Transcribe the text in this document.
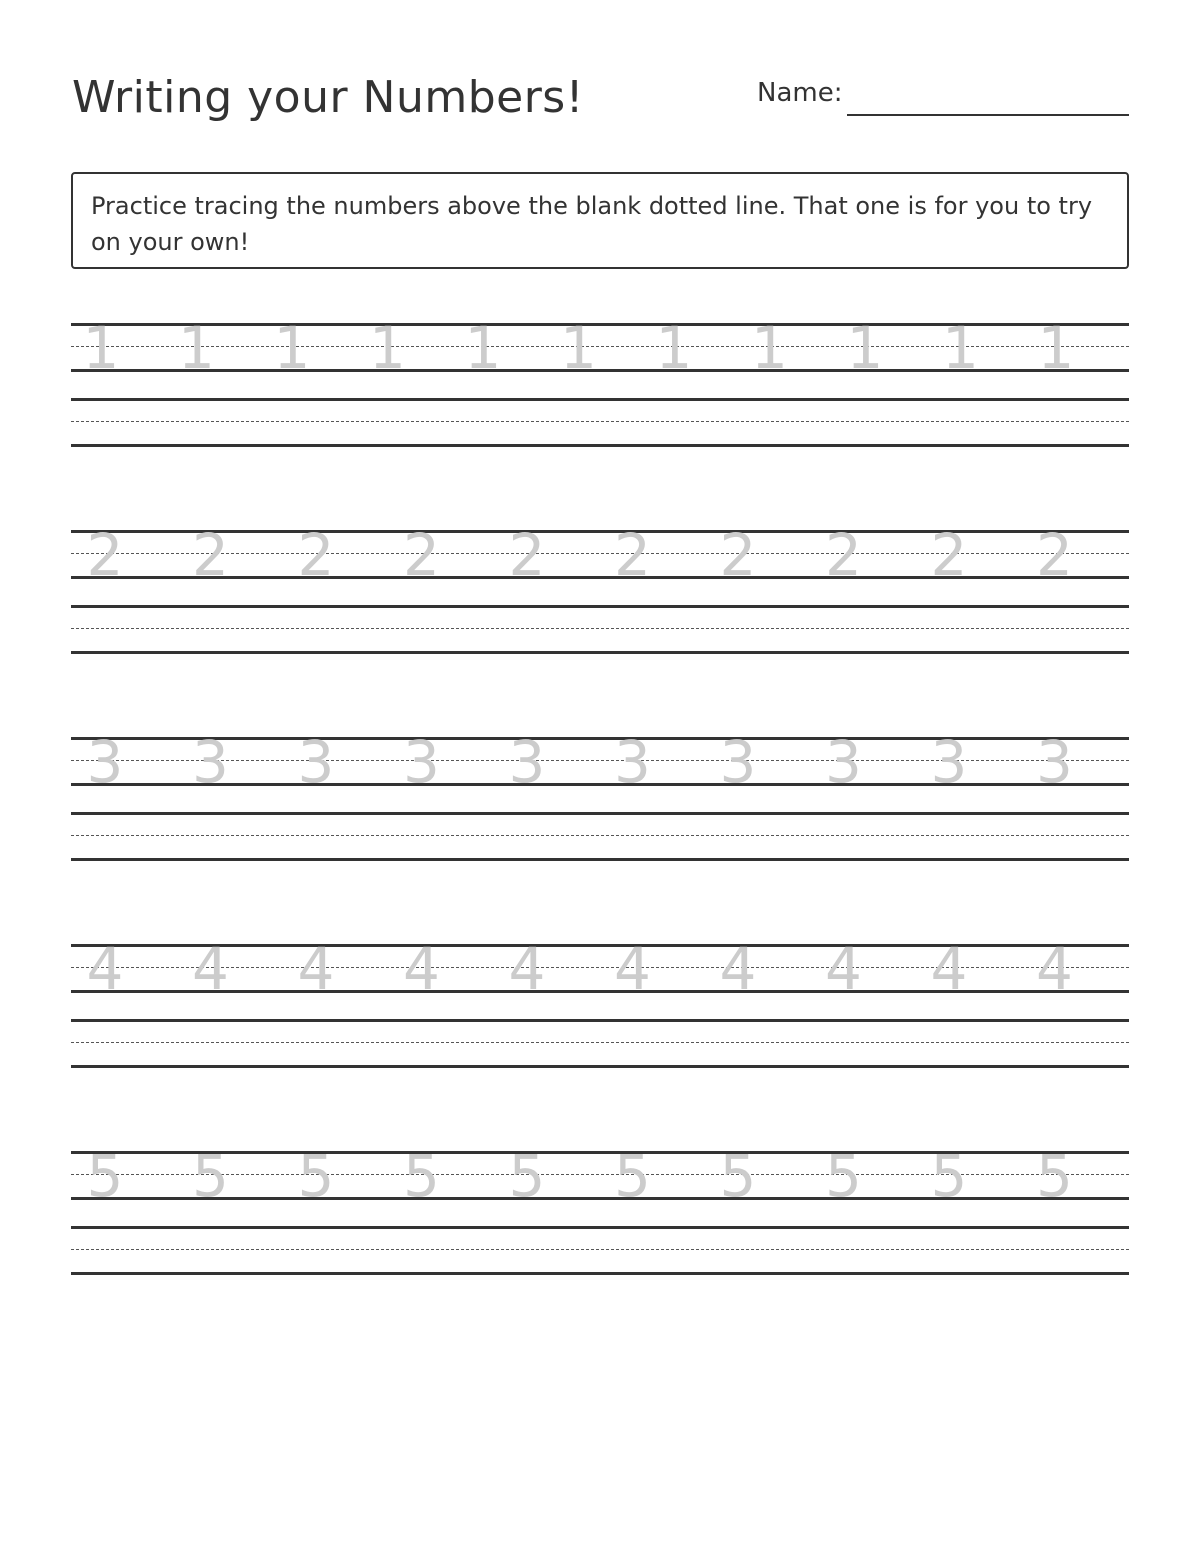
Writing your Numbers!	Name:
Practice tracing the numbers above the blank dotted line. That one is for you to try on your own!
1 1 1 1 1 1 1 1 1 1 1
2 2 2 2 2 2 2 2 2 2
3 3 3 3 3 3 3 3 3 3
4 4 4 4 4 4 4 4 4 4
5 5 5 5 5 5 5 5 5 5
